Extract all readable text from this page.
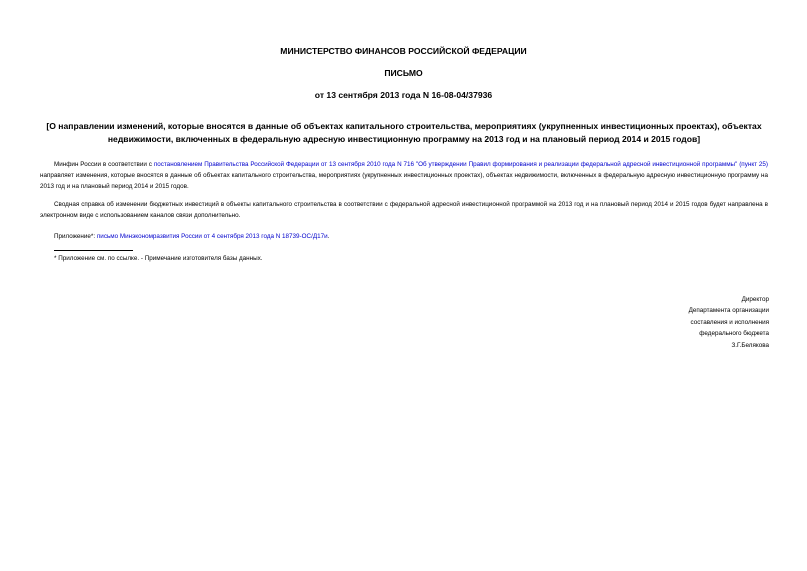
МИНИСТЕРСТВО ФИНАНСОВ РОССИЙСКОЙ ФЕДЕРАЦИИ
ПИСЬМО
от 13 сентября 2013 года N 16-08-04/37936
[О направлении изменений, которые вносятся в данные об объектах капитального строительства, мероприятиях (укрупненных инвестиционных проектах), объектах недвижимости, включенных в федеральную адресную инвестиционную программу на 2013 год и на плановый период 2014 и 2015 годов]
Минфин России в соответствии с постановлением Правительства Российской Федерации от 13 сентября 2010 года N 716 "Об утверждении Правил формирования и реализации федеральной адресной инвестиционной программы" (пункт 25) направляет изменения, которые вносятся в данные об объектах капитального строительства, мероприятиях (укрупненных инвестиционных проектах), объектах недвижимости, включенных в федеральную адресную инвестиционную программу на 2013 год и на плановый период 2014 и 2015 годов.
Сводная справка об изменении бюджетных инвестиций в объекты капитального строительства в соответствии с федеральной адресной инвестиционной программой на 2013 год и на плановый период 2014 и 2015 годов будет направлена в электронном виде с использованием каналов связи дополнительно.
Приложение*: письмо Минэкономразвития России от 4 сентября 2013 года N 18739-ОС/Д17и.
* Приложение см. по ссылке. - Примечание изготовителя базы данных.
Директор
Департамента организации
составления и исполнения
федерального бюджета
З.Г.Белякова
